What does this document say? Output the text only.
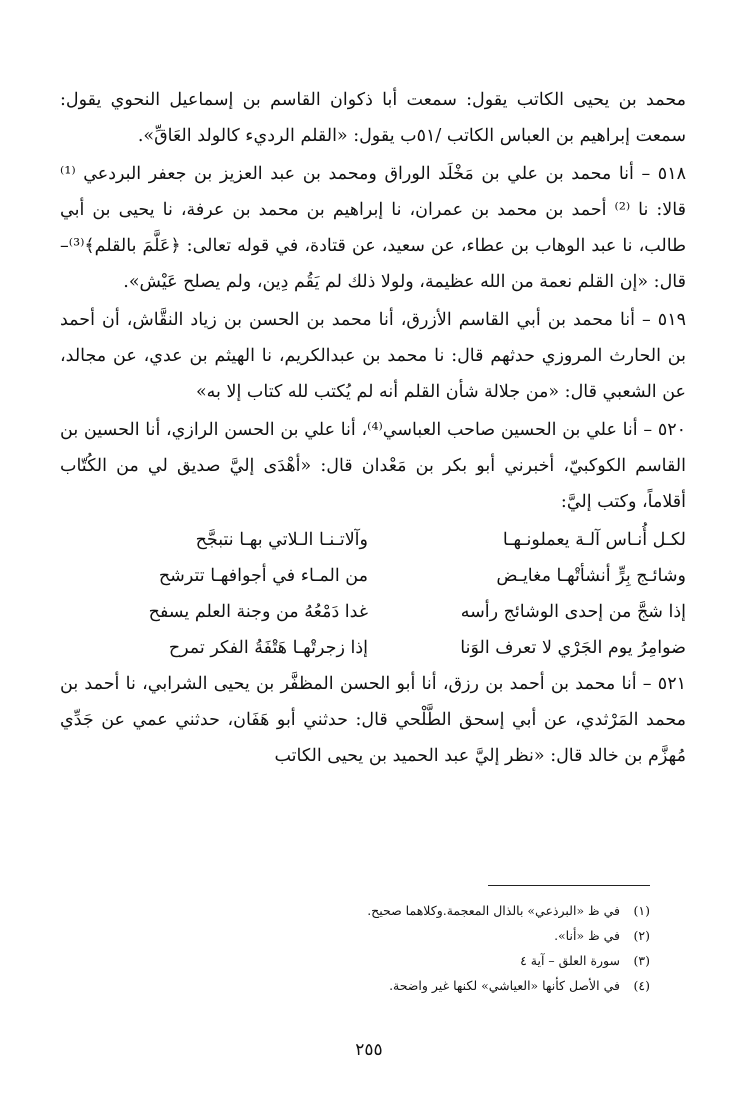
محمد بن يحيى الكاتب يقول: سمعت أبا ذكوان القاسم بن إسماعيل النحوي يقول: سمعت إبراهيم بن العباس الكاتب /٥١ب يقول: «القلم الرديء كالولد العَاقِّ».

٥١٨ – أنا محمد بن علي بن مَخْلَد الوراق ومحمد بن عبد العزيز بن جعفر البردعي ⁽¹⁾ قالا: نا ⁽²⁾ أحمد بن محمد بن عمران، نا إبراهيم بن محمد بن عرفة، نا يحيى بن أبي طالب، نا عبد الوهاب بن عطاء، عن سعيد، عن قتادة، في قوله تعالى: ﴿عَلَّمَ بالقلم﴾⁽³⁾– قال: «إن القلم نعمة من الله عظيمة، ولولا ذلك لم يَقُم دِين، ولم يصلح عَيْش».

٥١٩ – أنا محمد بن أبي القاسم الأزرق، أنا محمد بن الحسن بن زياد النقَّاش، أن أحمد بن الحارث المروزي حدثهم قال: نا محمد بن عبدالكريم، نا الهيثم بن عدي، عن مجالد، عن الشعبي قال: «من جلالة شأن القلم أنه لم يُكتب لله كتاب إلا به»

٥٢٠ – أنا علي بن الحسين صاحب العباسي⁽⁴⁾، أنا علي بن الحسن الرازي، أنا الحسين بن القاسم الكوكبيّ، أخبرني أبو بكر بن مَعْدان قال: «أهْدَى إليَّ صديق لي من الكُتّاب أقلاماً، وكتب إليَّ:

لكـل أُنـاس آلـة يعملونـهـا
وآلاتـنـا الـلاتي بهـا نتبجَّح
وشائـج بِرٍّ أنشأتْهـا مغايـض
من المـاء في أجوافهـا تترشح
إذا شجَّ من إحدى الوشائج رأسه
غدا دَمْعُهُ من وجنة العلم يسفح
ضوامِرُ يوم الجَرْي لا تعرف الوَنا
إذا زجرتْهـا هَتْفَةُ الفكر تمرح

٥٢١ – أنا محمد بن أحمد بن رزق، أنا أبو الحسن المظفَّر بن يحيى الشرابي، نا أحمد بن محمد المَرْثدي، عن أبي إسحق الطَّلْحي قال: حدثني أبو هَفَان، حدثني عمي عن جَدِّي مُهزَّم بن خالد قال: «نظر إليَّ عبد الحميد بن يحيى الكاتب

(١)
في ظ «البرذعي» بالذال المعجمة.وكلاهما صحيح.
(٢)
في ظ «أنا».
(٣)
سورة العلق – آية ٤
(٤)
في الأصل كأنها «العياشي» لكنها غير واضحة.
٢٥٥
